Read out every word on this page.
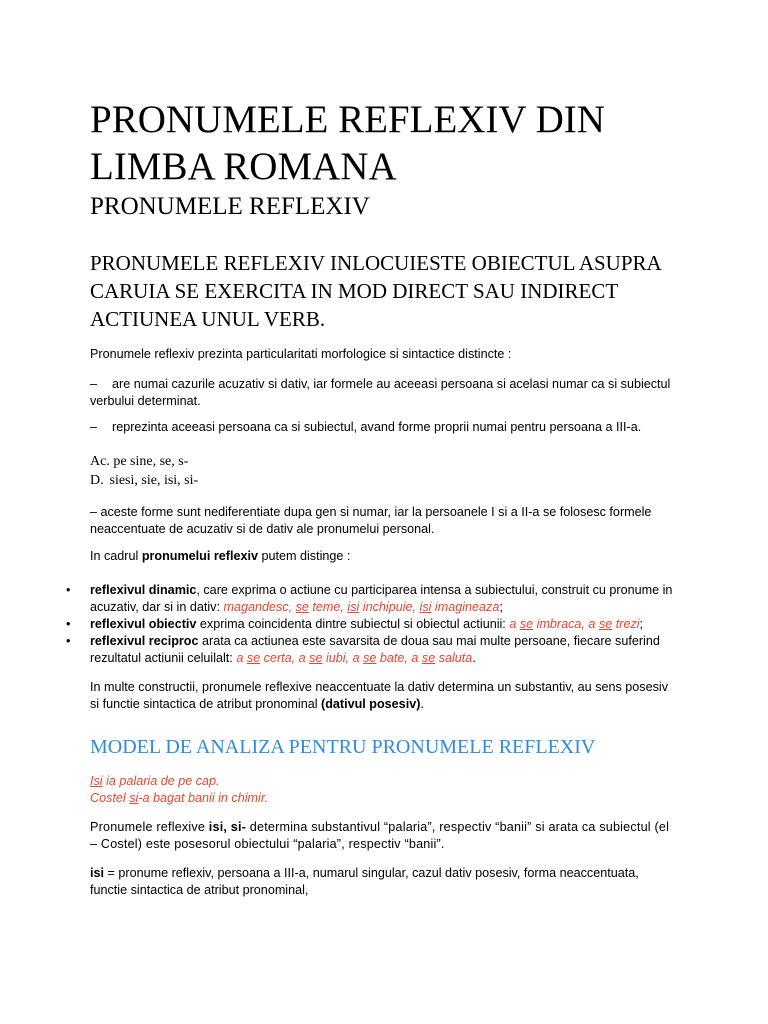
PRONUMELE REFLEXIV DIN LIMBA ROMANA
PRONUMELE REFLEXIV
PRONUMELE REFLEXIV INLOCUIESTE OBIECTUL ASUPRA CARUIA SE EXERCITA IN MOD DIRECT SAU INDIRECT ACTIUNEA UNUL VERB.

Pronumele reflexiv prezinta particularitati morfologice si sintactice distincte :

– are numai cazurile acuzativ si dativ, iar formele au aceeasi persoana si acelasi numar ca si subiectul verbului determinat.

– reprezinta aceeasi persoana ca si subiectul, avand forme proprii numai pentru persoana a III-a.

Ac. pe sine, se, s-

D. siesi, sie, isi, si-

– aceste forme sunt nediferentiate dupa gen si numar, iar la persoanele I si a II-a se folosesc formele neaccentuate de acuzativ si de dativ ale pronumelui personal.

In cadrul pronumelui reflexiv putem distinge :

• reflexivul dinamic, care exprima o actiune cu participarea intensa a subiectului, construit cu pronume in acuzativ, dar si in dativ: magandesc, se teme, isi inchipuie, isi imagineaza;
• reflexivul obiectiv exprima coincidenta dintre subiectul si obiectul actiunii: a se imbraca, a se trezi;
• reflexivul reciproc arata ca actiunea este savarsita de doua sau mai multe persoane, fiecare suferind rezultatul actiunii celuilalt: a se certa, a se iubi, a se bate, a se saluta.

In multe constructii, pronumele reflexive neaccentuate la dativ determina un substantiv, au sens posesiv si functie sintactica de atribut pronominal (dativul posesiv).

MODEL DE ANALIZA PENTRU PRONUMELE REFLEXIV

Isi ia palaria de pe cap.

Costel si-a bagat banii in chimir.

Pronumele reflexive isi, si- determina substantivul “palaria”, respectiv “banii” si arata ca subiectul (el – Costel) este posesorul obiectului “palaria”, respectiv “banii”.

isi = pronume reflexiv, persoana a III-a, numarul singular, cazul dativ posesiv, forma neaccentuata, functie sintactica de atribut pronominal,
